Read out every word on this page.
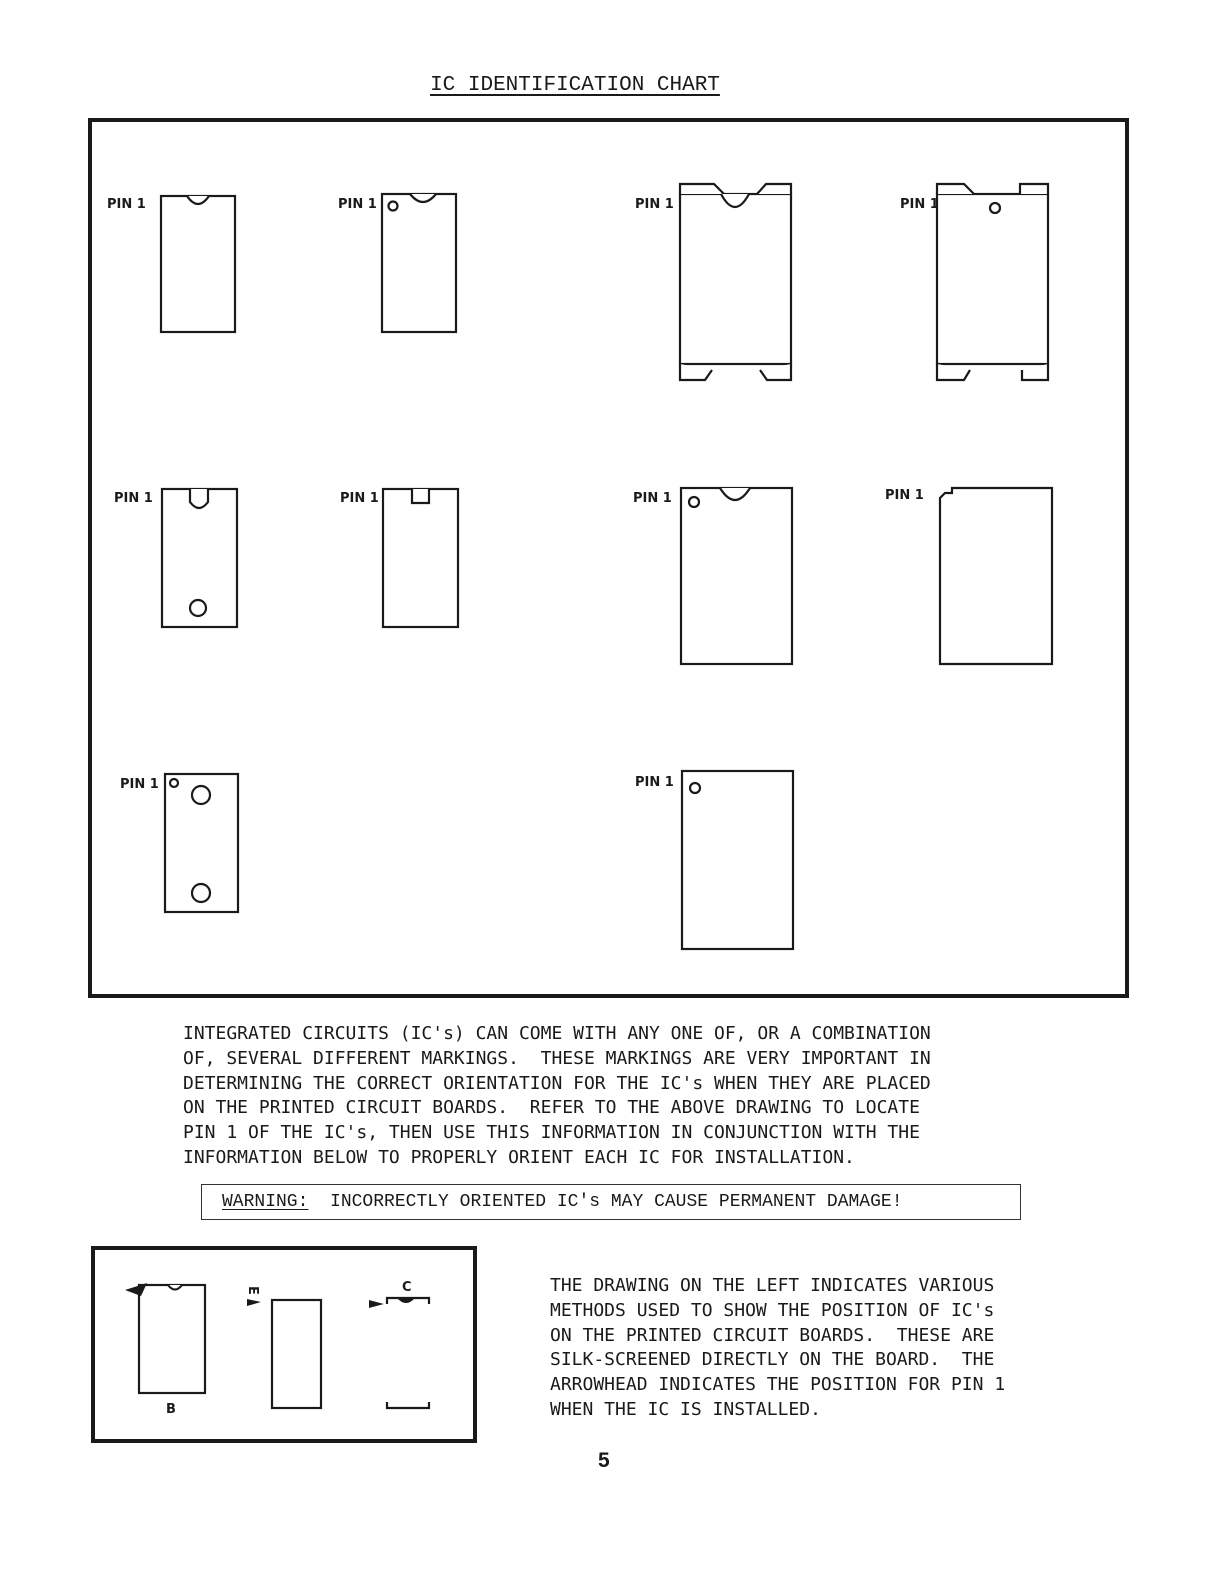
IC IDENTIFICATION CHART
PIN 1	PIN 1	PIN 1	PIN 1
PIN 1	PIN 1	PIN 1	PIN 1
PIN 1	PIN 1
INTEGRATED CIRCUITS (IC's) CAN COME WITH ANY ONE OF, OR A COMBINATION
OF, SEVERAL DIFFERENT MARKINGS.  THESE MARKINGS ARE VERY IMPORTANT IN
DETERMINING THE CORRECT ORIENTATION FOR THE IC's WHEN THEY ARE PLACED
ON THE PRINTED CIRCUIT BOARDS.  REFER TO THE ABOVE DRAWING TO LOCATE
PIN 1 OF THE IC's, THEN USE THIS INFORMATION IN CONJUNCTION WITH THE
INFORMATION BELOW TO PROPERLY ORIENT EACH IC FOR INSTALLATION.
WARNING:  INCORRECTLY ORIENTED IC's MAY CAUSE PERMANENT DAMAGE!
B
E	C	THE DRAWING ON THE LEFT INDICATES VARIOUS
METHODS USED TO SHOW THE POSITION OF IC's
ON THE PRINTED CIRCUIT BOARDS.  THESE ARE
SILK-SCREENED DIRECTLY ON THE BOARD.  THE
ARROWHEAD INDICATES THE POSITION FOR PIN 1
WHEN THE IC IS INSTALLED.
5
